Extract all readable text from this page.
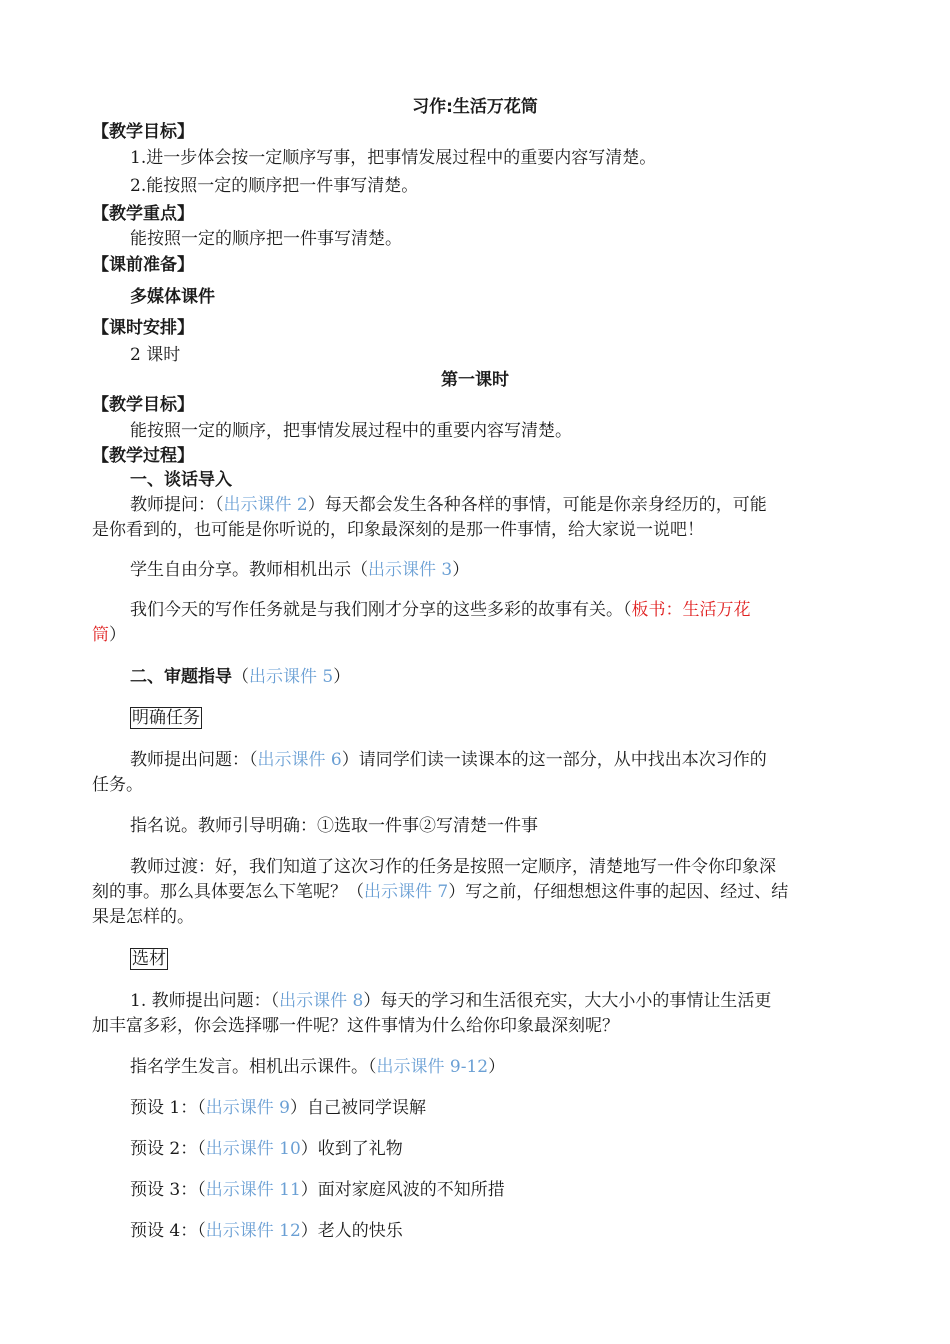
习作:生活万花筒
【教学目标】
1.进一步体会按一定顺序写事，把事情发展过程中的重要内容写清楚。
2.能按照一定的顺序把一件事写清楚。
【教学重点】
能按照一定的顺序把一件事写清楚。
【课前准备】
多媒体课件
【课时安排】
2 课时
第一课时
【教学目标】
能按照一定的顺序，把事情发展过程中的重要内容写清楚。
【教学过程】
一、谈话导入
教师提问：（出示课件 2）每天都会发生各种各样的事情，可能是你亲身经历的，可能
是你看到的，也可能是你听说的，印象最深刻的是那一件事情，给大家说一说吧！
学生自由分享。教师相机出示（出示课件 3）
我们今天的写作任务就是与我们刚才分享的这些多彩的故事有关。（板书：生活万花
筒）
二、审题指导（出示课件 5）
明确任务
教师提出问题：（出示课件 6）请同学们读一读课本的这一部分，从中找出本次习作的
任务。
指名说。教师引导明确：①选取一件事②写清楚一件事
教师过渡：好，我们知道了这次习作的任务是按照一定顺序，清楚地写一件令你印象深
刻的事。那么具体要怎么下笔呢？（出示课件 7）写之前，仔细想想这件事的起因、经过、结
果是怎样的。
选材
1. 教师提出问题：（出示课件 8）每天的学习和生活很充实，大大小小的事情让生活更
加丰富多彩，你会选择哪一件呢？这件事情为什么给你印象最深刻呢？
指名学生发言。相机出示课件。（出示课件 9-12）
预设 1：（出示课件 9）自己被同学误解
预设 2：（出示课件 10）收到了礼物
预设 3：（出示课件 11）面对家庭风波的不知所措
预设 4：（出示课件 12）老人的快乐
